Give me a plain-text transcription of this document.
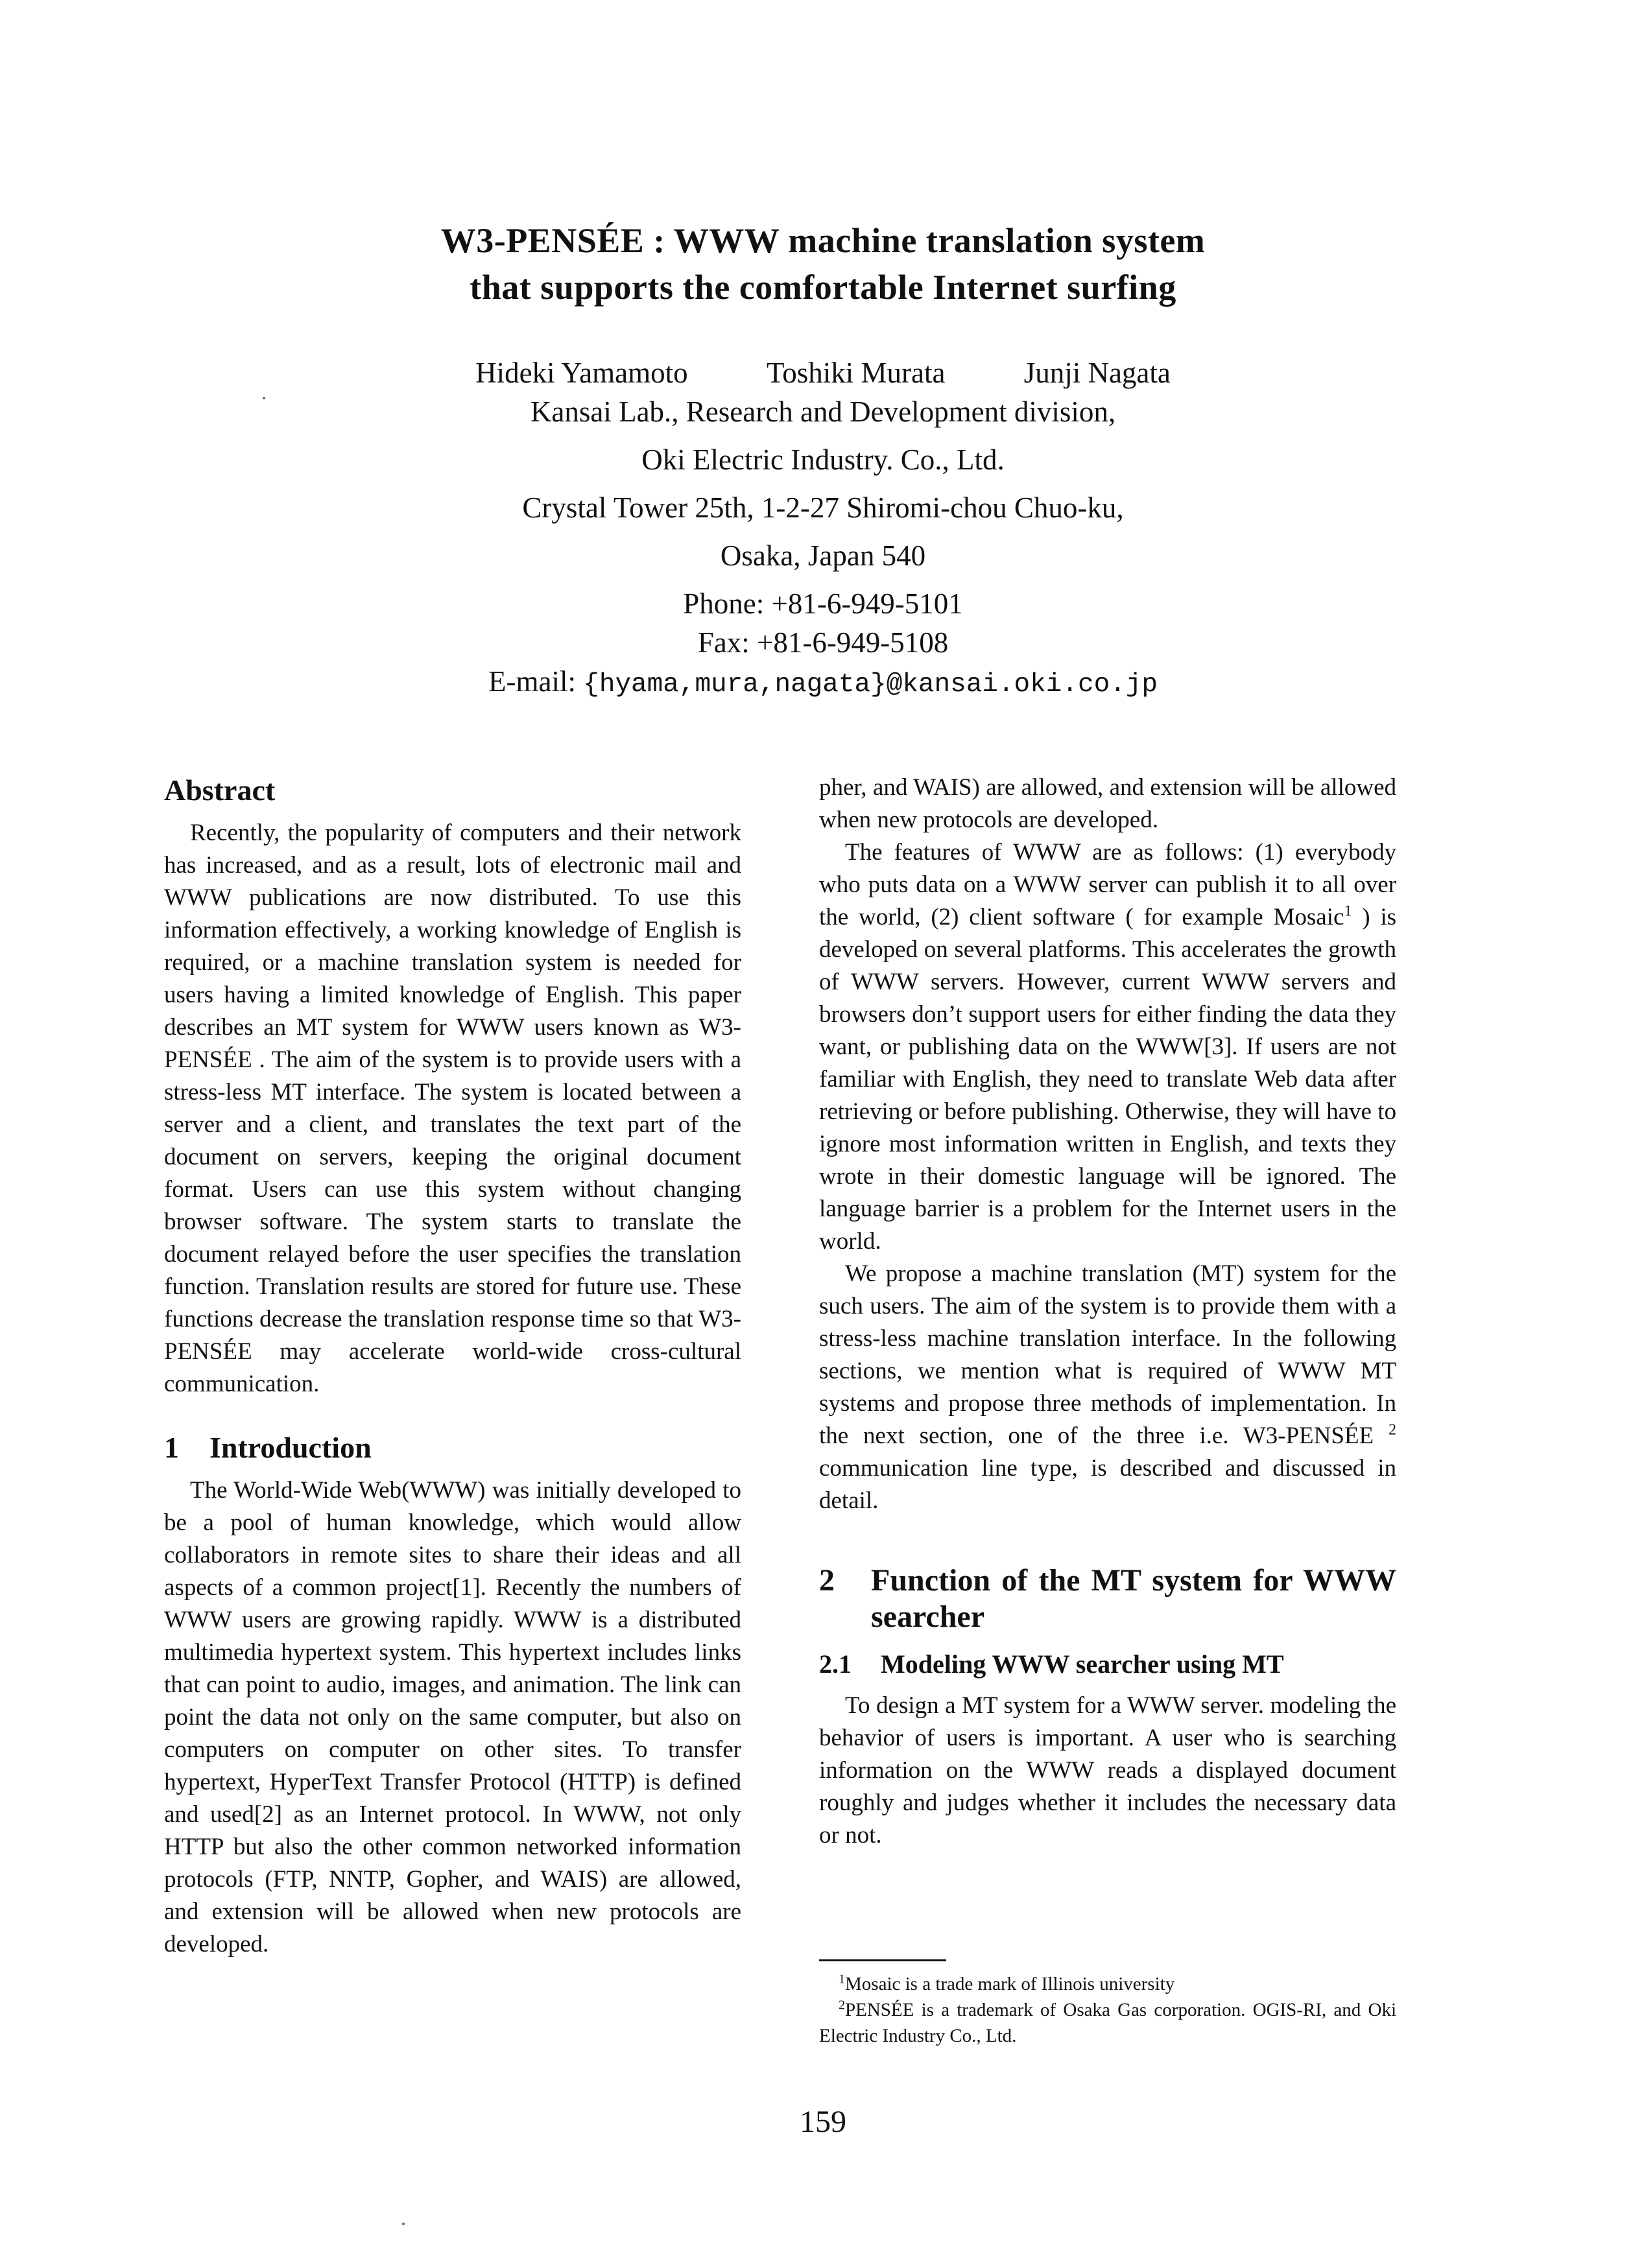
W3-PENSÉE : WWW machine translation system
that supports the comfortable Internet surfing
Hideki Yamamoto	Toshiki Murata	Junji Nagata
Kansai Lab., Research and Development division,
Oki Electric Industry. Co., Ltd.
Crystal Tower 25th, 1-2-27 Shiromi-chou Chuo-ku,
Osaka, Japan 540
Phone: +81-6-949-5101
Fax: +81-6-949-5108
E-mail: {hyama,mura,nagata}@kansai.oki.co.jp
Abstract

Recently, the popularity of computers and their network has increased, and as a result, lots of electronic mail and WWW publications are now distributed. To use this information effectively, a working knowledge of English is required, or a machine translation system is needed for users having a limited knowledge of English. This paper describes an MT system for WWW users known as W3-PENSÉE . The aim of the system is to provide users with a stress-less MT interface. The system is located between a server and a client, and translates the text part of the document on servers, keeping the original document format. Users can use this system without changing browser software. The system starts to translate the document relayed before the user specifies the translation function. Translation results are stored for future use. These functions decrease the translation response time so that W3-PENSÉE may accelerate world-wide cross-cultural communication.

1 Introduction

The World-Wide Web(WWW) was initially developed to be a pool of human knowledge, which would allow collaborators in remote sites to share their ideas and all aspects of a common project[1]. Recently the numbers of WWW users are growing rapidly. WWW is a distributed multimedia hypertext system. This hypertext includes links that can point to audio, images, and animation. The link can point the data not only on the same computer, but also on computers on computer on other sites. To transfer hypertext, HyperText Transfer Protocol (HTTP) is defined and used[2] as an Internet protocol. In WWW, not only HTTP but also the other common networked information protocols (FTP, NNTP, Gopher, and WAIS) are allowed, and extension will be allowed when new protocols are developed.

pher, and WAIS) are allowed, and extension will be allowed when new protocols are developed.

The features of WWW are as follows: (1) everybody who puts data on a WWW server can publish it to all over the world, (2) client software ( for example Mosaic$^1$ ) is developed on several platforms. This accelerates the growth of WWW servers. However, current WWW servers and browsers don’t support users for either finding the data they want, or publishing data on the WWW[3]. If users are not familiar with English, they need to translate Web data after retrieving or before publishing. Otherwise, they will have to ignore most information written in English, and texts they wrote in their domestic language will be ignored. The language barrier is a problem for the Internet users in the world.

We propose a machine translation (MT) system for the such users. The aim of the system is to provide them with a stress-less machine translation interface. In the following sections, we mention what is required of WWW MT systems and propose three methods of implementation. In the next section, one of the three i.e. W3-PENSÉE $^2$ communication line type, is described and discussed in detail.

2	Function of the MT system for WWW searcher
2.1 Modeling WWW searcher using MT

To design a MT system for a WWW server. modeling the behavior of users is important. A user who is searching information on the WWW reads a displayed document roughly and judges whether it includes the necessary data or not.

$^1$Mosaic is a trade mark of Illinois university

$^2$PENSÉE is a trademark of Osaka Gas corporation. OGIS-RI, and Oki Electric Industry Co., Ltd.

159
